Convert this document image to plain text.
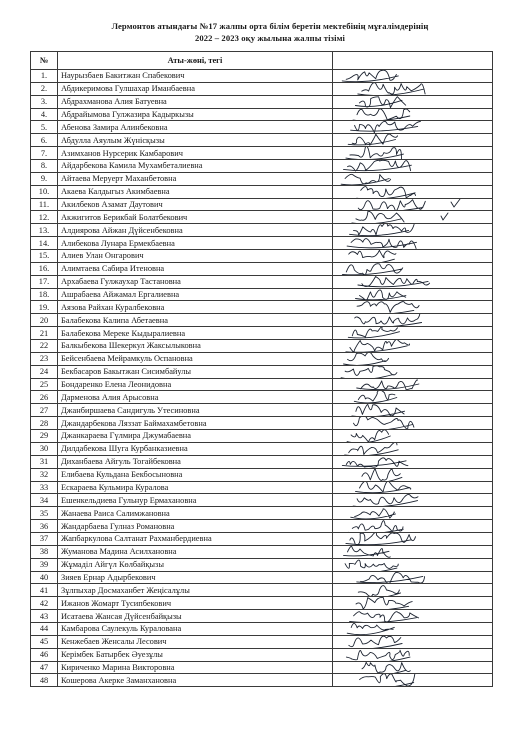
Лермонтов атындағы №17 жалпы орта білім беретін мектебінің мұғалімдерінің
2022 – 2023 оқу жылына жалпы тізімі
№	Аты-жөні, тегі	
1.	Наурызбаев Бакитжан Спабекович	

2.	Абдикеримова Гулшахар Иманбаевна	

3.	Абдрахманова Алия Батуевна	

4.	Абдрайымова Гулжазира Кадыркызы	

5.	Абенова Замира Алинбековна	

6.	Абдулла Аяулым Жүнісқызы	

7.	Азимханов Нурсерик Камбарович	

8.	Айдарбекова Камила Мухамбеталиевна	

9.	Айтаева Меруерт Маханбетовна	

10.	Акаева Калдыгыз Акимбаевна	

11.	Акилбеков Азамат Даутович	

12.	Акжигитов Берикбай Болатбекович	

13.	Алдиярова Айжан Дүйсенбековна	

14.	Алибекова Лунара Ермекбаевна	

15.	Алиев Улан Онгарович	

16.	Алимтаева Сабира Итеновна	

17.	Архабаева Гулжаухар Тастановна	

18.	Ашрабаева Айжамал Ергалиевна	

19.	Аязова Райхан Куралбековна	

20	Балабекова Калипа Абетаевна	

21	Балабекова Мереке Кыдыралиевна	

22	Балкыбекова Шекеркул Жаксылыковна	

23	Бейсенбаева Мейрамкуль Оспановна	

24	Бекбасаров Бакытжан Сисимбайулы	

25	Бондаренко Елена Леонидовна	

26	Дарменова Алия Арысовна	

27	Джанбиршаева Сандигуль Утесиновна	

28	Джандарбекова Ляззат Баймахамбетовна	

29	Джанкараева Гүлмира Джумабаевна	

30	Дилдабекова Шуга Курбанказиевна	

31	Диханбаева Айгуль Тогайбековна	

32	Елибаева Кульдана Бекбосыновна	

33	Ескараева Кульмира Куралова	

34	Ешенкельдиева Гульнур Ермахановна	

35	Жанаева Раиса Салимжановна	

36	Жандарбаева Гулназ Романовна	

37	Жапбаркулова Салтанат Рахманбердиевна	

38	Жуманова Мадина Асилхановна	

39	Жұмаділ Айгүл Көлбайқызы	

40	Зияев Ернар Адырбекович	

41	Зұлпыхар Досмаханбет Жеңісалұлы	

42	Ижанов Жомарт Тусипбекович	

43	Исатаева Жансая Дүйсенбайқызы	

44	Камбарова Саулекуль Куралована	

45	Кенжебаев Женсалы Лесович	

46	Керімбек Батырбек Әуезұлы	

47	Кириченко Марина Викторовна	

48	Кошерова Акеркe Заманхановна	
